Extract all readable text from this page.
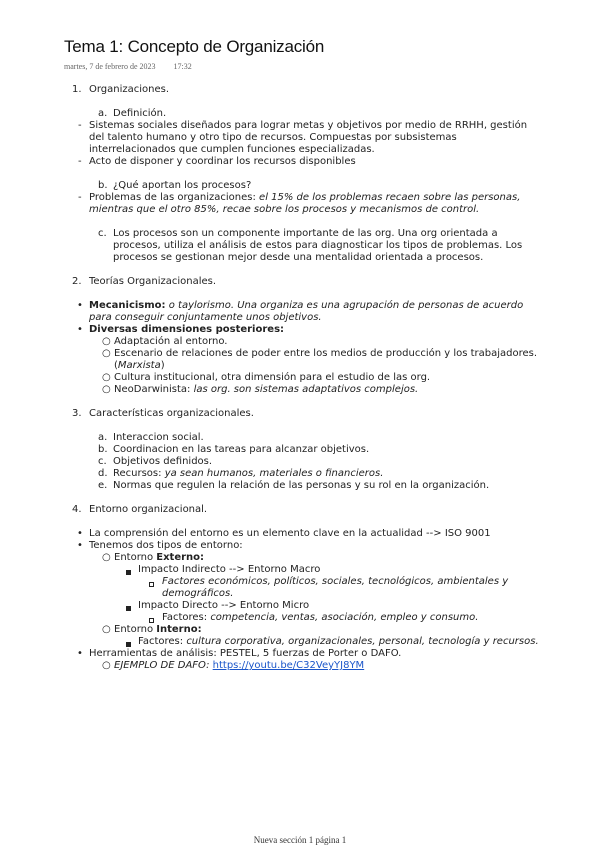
Tema 1: Concepto de Organización
martes, 7 de febrero de 2023 17:32
1. Organizaciones.
a. Definición.
- Sistemas sociales diseñados para lograr metas y objetivos por medio de RRHH, gestión del talento humano y otro tipo de recursos. Compuestas por subsistemas interrelacionados que cumplen funciones especializadas.
- Acto de disponer y coordinar los recursos disponibles
b. ¿Qué aportan los procesos?
- Problemas de las organizaciones: el 15% de los problemas recaen sobre las personas, mientras que el otro 85%, recae sobre los procesos y mecanismos de control.
c. Los procesos son un componente importante de las org. Una org orientada a procesos, utiliza el análisis de estos para diagnosticar los tipos de problemas. Los procesos se gestionan mejor desde una mentalidad orientada a procesos.
2. Teorías Organizacionales.
• Mecanicismo: o taylorismo. Una organiza es una agrupación de personas de acuerdo para conseguir conjuntamente unos objetivos.
• Diversas dimensiones posteriores:
○ Adaptación al entorno.
○ Escenario de relaciones de poder entre los medios de producción y los trabajadores. (Marxista)
○ Cultura institucional, otra dimensión para el estudio de las org.
○ NeoDarwinista: las org. son sistemas adaptativos complejos.
3. Características organizacionales.
a. Interaccion social.
b. Coordinacion en las tareas para alcanzar objetivos.
c. Objetivos definidos.
d. Recursos: ya sean humanos, materiales o financieros.
e. Normas que regulen la relación de las personas y su rol en la organización.
4. Entorno organizacional.
• La comprensión del entorno es un elemento clave en la actualidad --> ISO 9001
• Tenemos dos tipos de entorno:
○ Entorno Externo:
Impacto Indirecto --> Entorno Macro
Factores económicos, políticos, sociales, tecnológicos, ambientales y demográficos.
Impacto Directo --> Entorno Micro
Factores: competencia, ventas, asociación, empleo y consumo.
○ Entorno Interno:
Factores: cultura corporativa, organizacionales, personal, tecnología y recursos.
• Herramientas de análisis: PESTEL, 5 fuerzas de Porter o DAFO.
○ EJEMPLO DE DAFO: https://youtu.be/C32VeyYJ8YM
Nueva sección 1 página 1
